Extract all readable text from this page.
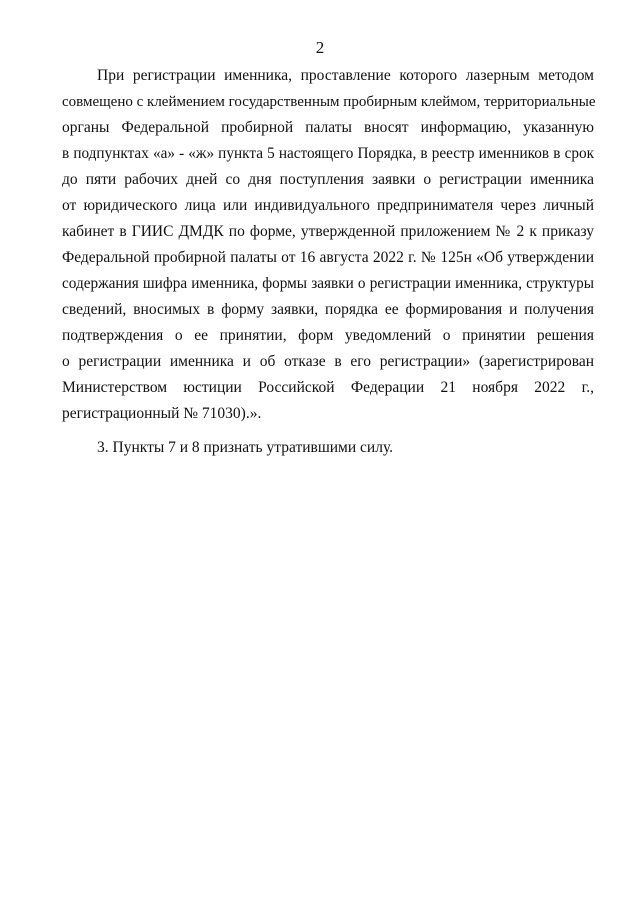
2
При регистрации именника, проставление которого лазерным методом
совмещено с клеймением государственным пробирным клеймом, территориальные
органы Федеральной пробирной палаты вносят информацию, указанную
в подпунктах «а» - «ж» пункта 5 настоящего Порядка, в реестр именников в срок
до пяти рабочих дней со дня поступления заявки о регистрации именника
от юридического лица или индивидуального предпринимателя через личный
кабинет в ГИИС ДМДК по форме, утвержденной приложением № 2 к приказу
Федеральной пробирной палаты от 16 августа 2022 г. № 125н «Об утверждении
содержания шифра именника, формы заявки о регистрации именника, структуры
сведений, вносимых в форму заявки, порядка ее формирования и получения
подтверждения о ее принятии, форм уведомлений о принятии решения
о регистрации именника и об отказе в его регистрации» (зарегистрирован
Министерством юстиции Российской Федерации 21 ноября 2022 г.,
регистрационный № 71030).».
3. Пункты 7 и 8 признать утратившими силу.
